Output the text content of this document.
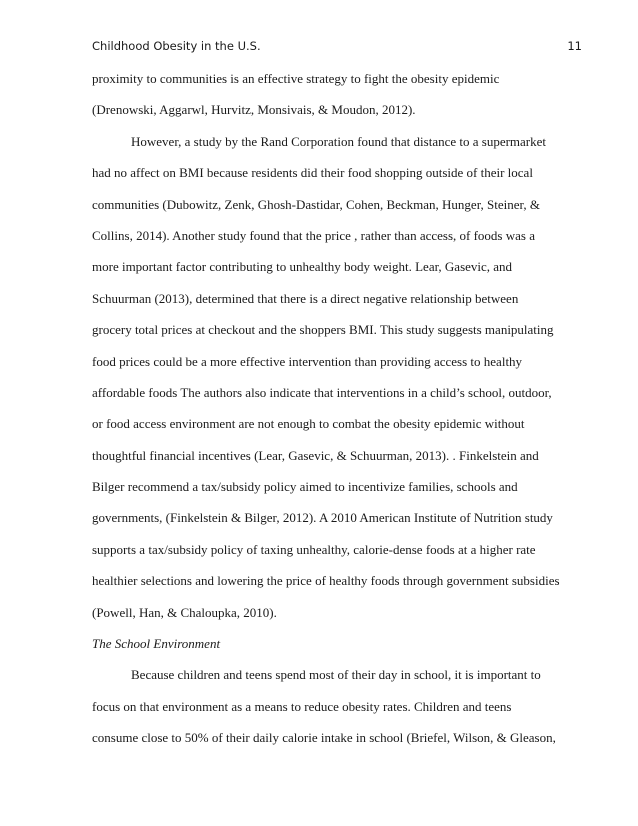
Childhood Obesity in the U.S.	11
proximity to communities is an effective strategy to fight the obesity epidemic
(Drenowski, Aggarwl, Hurvitz, Monsivais, & Moudon, 2012).
However, a study by the Rand Corporation found that distance to a supermarket
had no affect on BMI because residents did their food shopping outside of their local
communities (Dubowitz, Zenk, Ghosh-Dastidar, Cohen, Beckman, Hunger, Steiner, &
Collins, 2014). Another study found that the price , rather than access, of foods was a
more important factor contributing to unhealthy body weight. Lear, Gasevic, and
Schuurman (2013), determined that there is a direct negative relationship between
grocery total prices at checkout and the shoppers BMI. This study suggests manipulating
food prices could be a more effective intervention than providing access to healthy
affordable foods The authors also indicate that interventions in a child’s school, outdoor,
or food access environment are not enough to combat the obesity epidemic without
thoughtful financial incentives (Lear, Gasevic, & Schuurman, 2013). . Finkelstein and
Bilger recommend a tax/subsidy policy aimed to incentivize families, schools and
governments, (Finkelstein & Bilger, 2012). A 2010 American Institute of Nutrition study
supports a tax/subsidy policy of taxing unhealthy, calorie-dense foods at a higher rate
healthier selections and lowering the price of healthy foods through government subsidies
(Powell, Han, & Chaloupka, 2010).
The School Environment
Because children and teens spend most of their day in school, it is important to
focus on that environment as a means to reduce obesity rates. Children and teens
consume close to 50% of their daily calorie intake in school (Briefel, Wilson, & Gleason,
